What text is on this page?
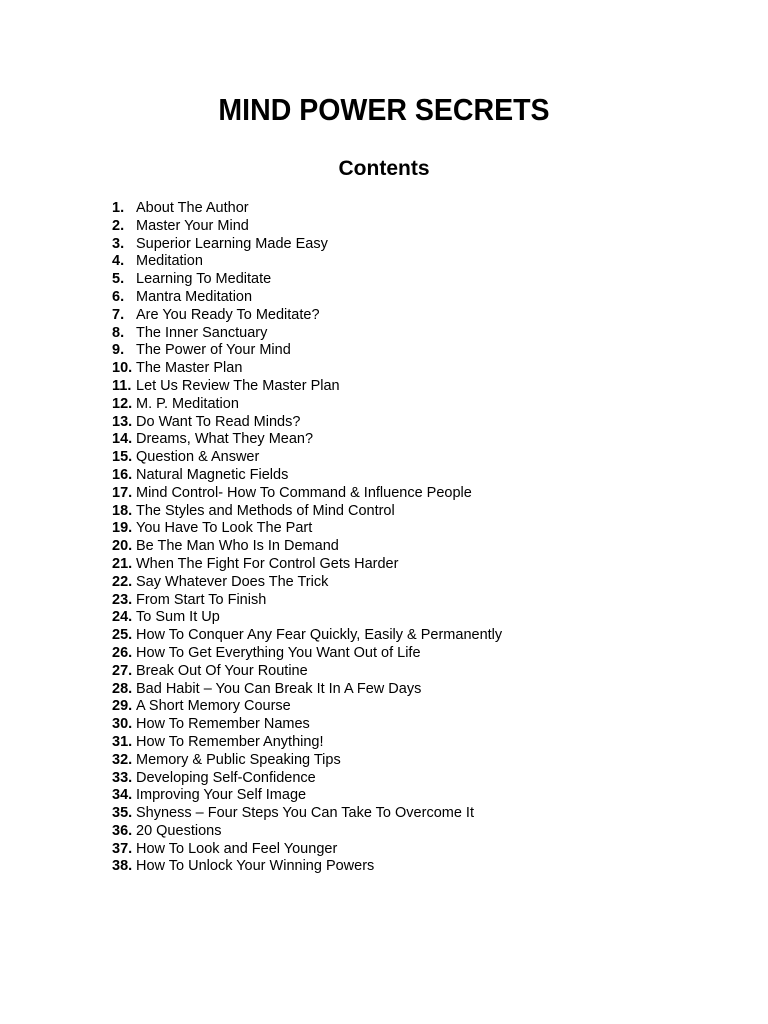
MIND POWER SECRETS
Contents
1. About The Author
2. Master Your Mind
3. Superior Learning Made Easy
4. Meditation
5. Learning To Meditate
6. Mantra Meditation
7. Are You Ready To Meditate?
8. The Inner Sanctuary
9. The Power of Your Mind
10. The Master Plan
11. Let Us Review The Master Plan
12. M. P. Meditation
13. Do Want To Read Minds?
14. Dreams, What They Mean?
15. Question & Answer
16. Natural Magnetic Fields
17. Mind Control- How To Command & Influence People
18. The Styles and Methods of Mind Control
19. You Have To Look The Part
20. Be The Man Who Is In Demand
21. When The Fight For Control Gets Harder
22. Say Whatever Does The Trick
23. From Start To Finish
24. To Sum It Up
25. How To Conquer Any Fear Quickly, Easily & Permanently
26. How To Get Everything You Want Out of Life
27. Break Out Of Your Routine
28. Bad Habit – You Can Break It In A Few Days
29. A Short Memory Course
30. How To Remember Names
31. How To Remember Anything!
32. Memory & Public Speaking Tips
33. Developing Self-Confidence
34. Improving Your Self Image
35. Shyness – Four Steps You Can Take To Overcome It
36. 20 Questions
37. How To Look and Feel Younger
38. How To Unlock Your Winning Powers
